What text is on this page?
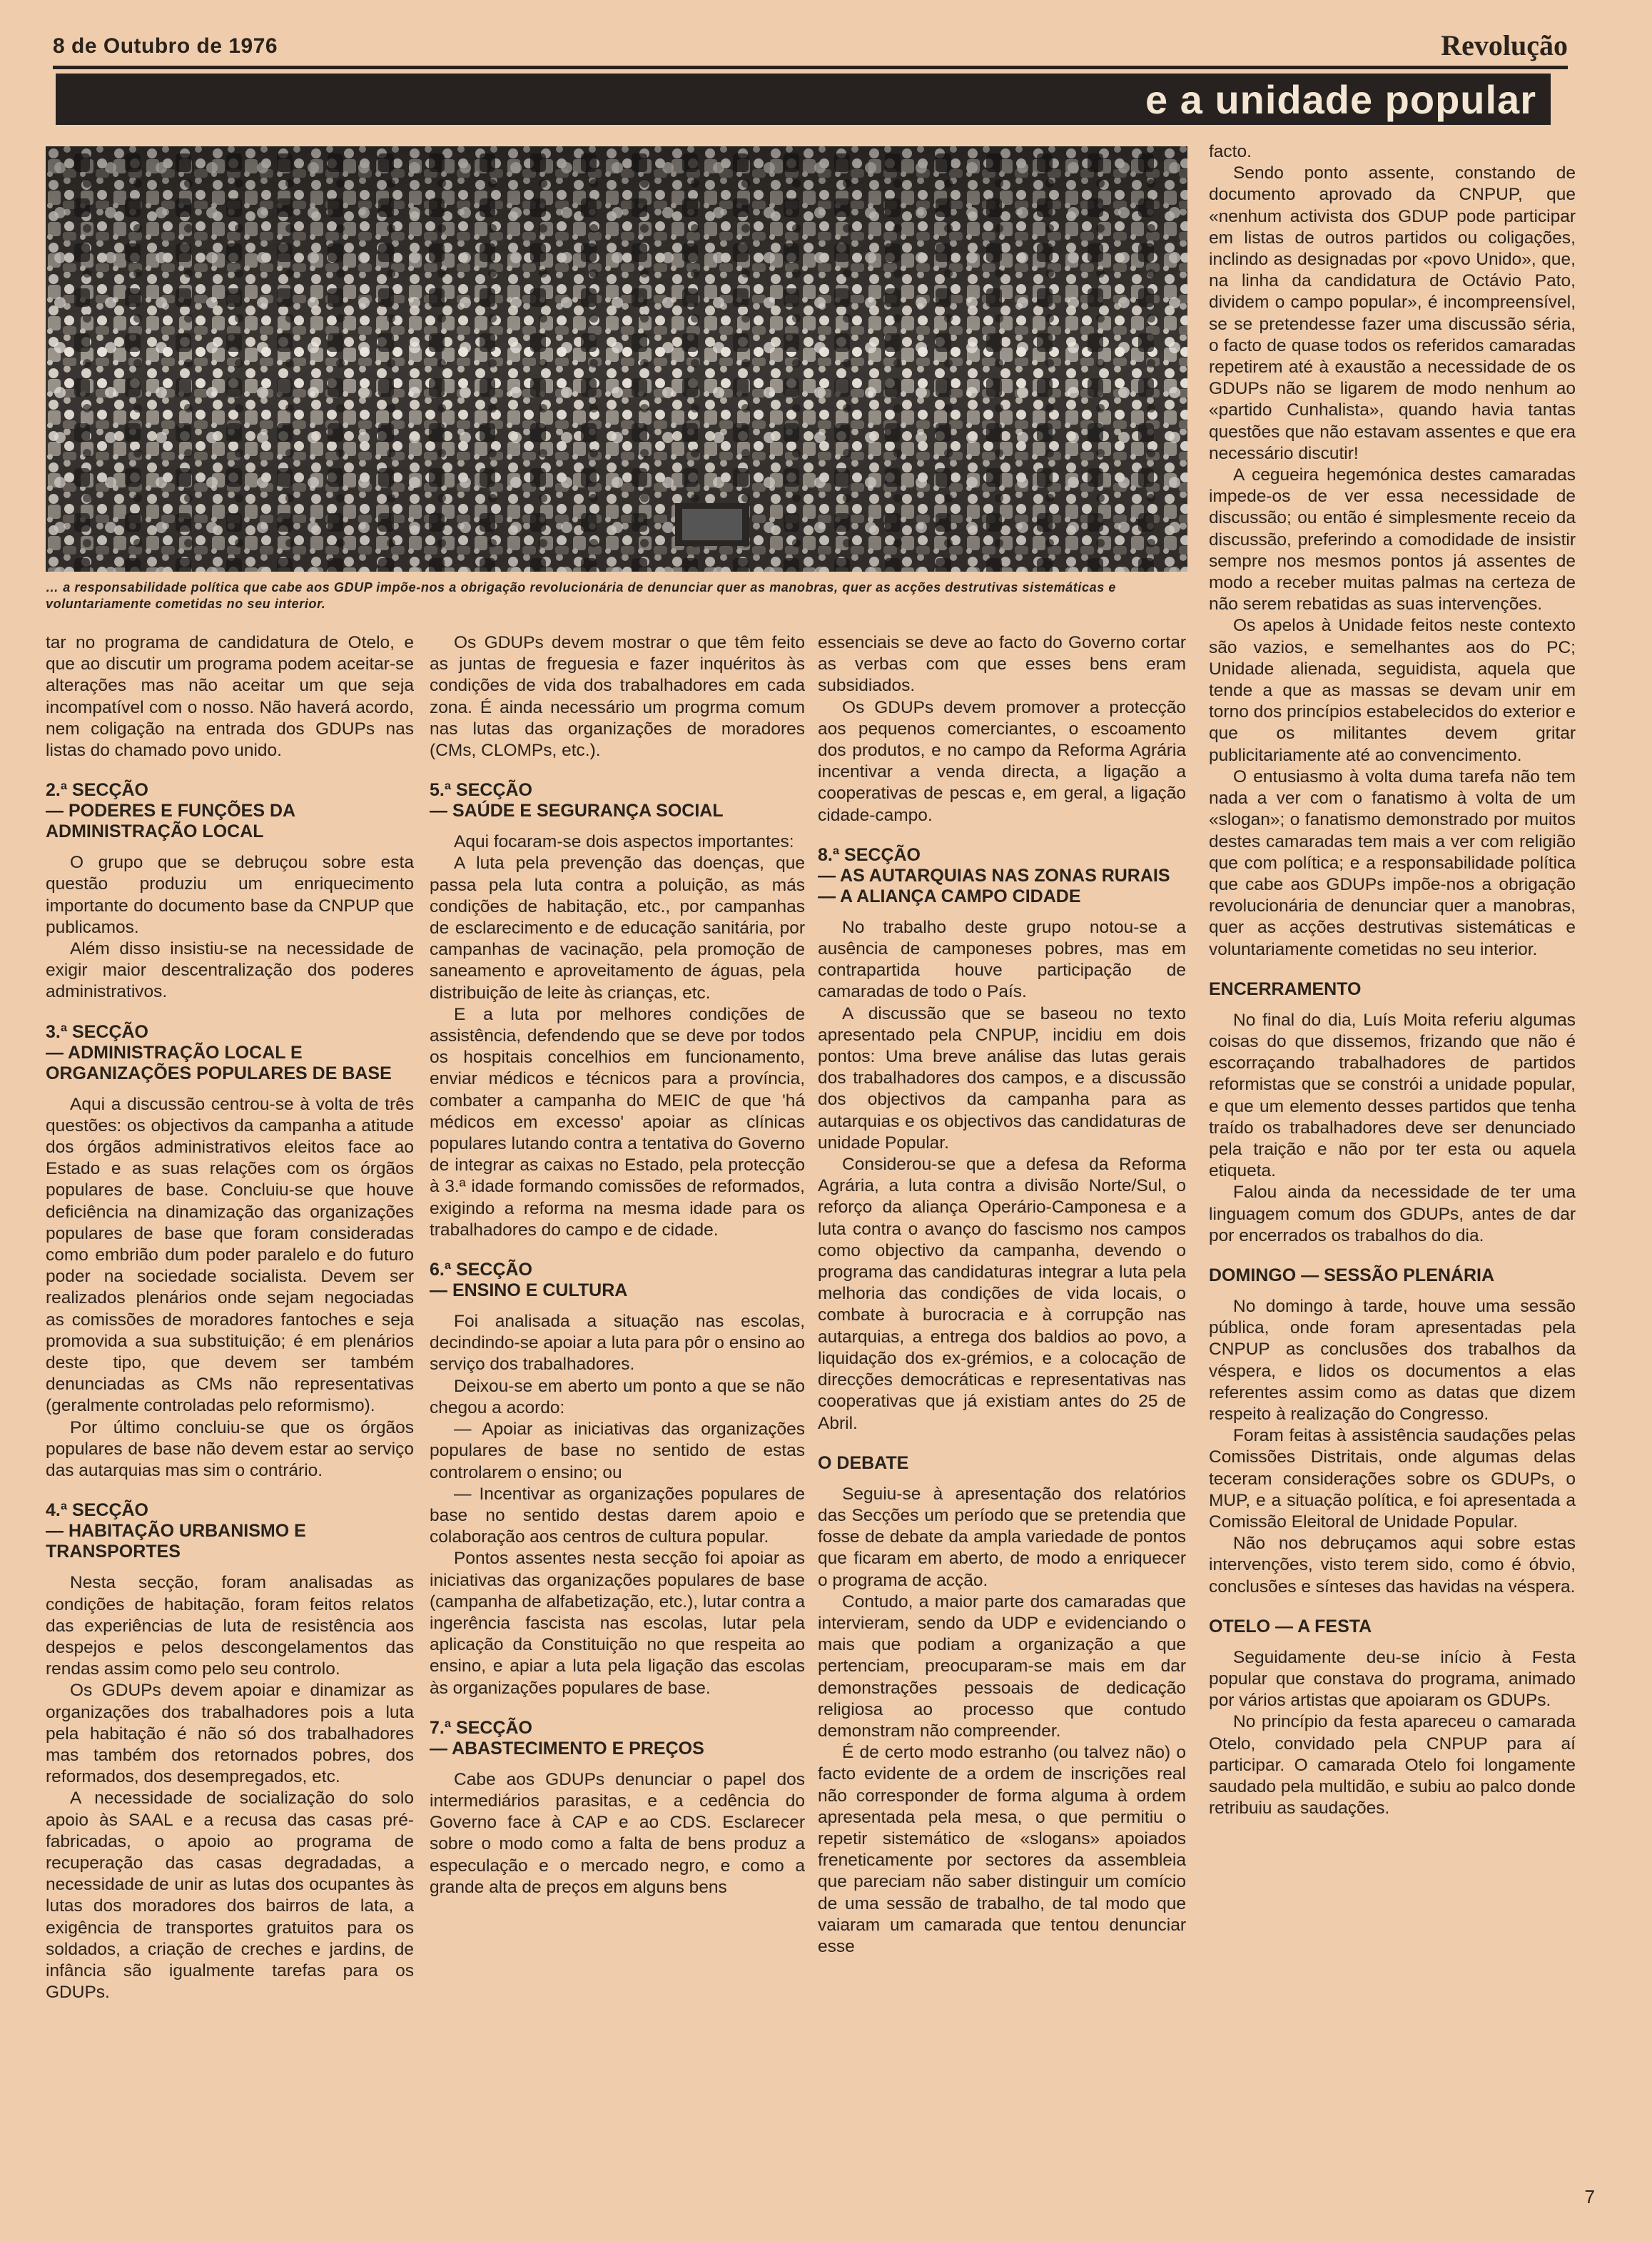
8 de Outubro de 1976	Revolução
e a unidade popular
… a responsabilidade política que cabe aos GDUP impõe-nos a obrigação revolucionária de denunciar quer as manobras, quer as acções destrutivas sistemáticas e voluntariamente cometidas no seu interior.

tar no programa de candidatura de Otelo, e que ao discutir um programa podem aceitar-se alterações mas não aceitar um que seja incompatível com o nosso. Não haverá acordo, nem coligação na entrada dos GDUPs nas listas do chamado povo unido.

2.ª SECÇÃO
— PODERES E FUNÇÕES DA ADMINISTRAÇÃO LOCAL

O grupo que se debruçou sobre esta questão produziu um enriquecimento importante do documento base da CNPUP que publicamos.

Além disso insistiu-se na necessidade de exigir maior descentralização dos poderes administrativos.

3.ª SECÇÃO
— ADMINISTRAÇÃO LOCAL E ORGANIZAÇÕES POPULARES DE BASE

Aqui a discussão centrou-se à volta de três questões: os objectivos da campanha a atitude dos órgãos administrativos eleitos face ao Estado e as suas relações com os órgãos populares de base. Concluiu-se que houve deficiência na dinamização das organizações populares de base que foram consideradas como embrião dum poder paralelo e do futuro poder na sociedade socialista. Devem ser realizados plenários onde sejam negociadas as comissões de moradores fantoches e seja promovida a sua substituição; é em plenários deste tipo, que devem ser também denunciadas as CMs não representativas (geralmente controladas pelo reformismo).

Por último concluiu-se que os órgãos populares de base não devem estar ao serviço das autarquias mas sim o contrário.

4.ª SECÇÃO
— HABITAÇÃO URBANISMO E TRANSPORTES

Nesta secção, foram analisadas as condições de habitação, foram feitos relatos das experiências de luta de resistência aos despejos e pelos descongelamentos das rendas assim como pelo seu controlo.

Os GDUPs devem apoiar e dinamizar as organizações dos trabalhadores pois a luta pela habitação é não só dos trabalhadores mas também dos retornados pobres, dos reformados, dos desempregados, etc.

A necessidade de socialização do solo apoio às SAAL e a recusa das casas pré-fabricadas, o apoio ao programa de recuperação das casas degradadas, a necessidade de unir as lutas dos ocupantes às lutas dos moradores dos bairros de lata, a exigência de transportes gratuitos para os soldados, a criação de creches e jardins, de infância são igualmente tarefas para os GDUPs.

Os GDUPs devem mostrar o que têm feito as juntas de freguesia e fazer inquéritos às condições de vida dos trabalhadores em cada zona. É ainda necessário um progrma comum nas lutas das organizações de moradores (CMs, CLOMPs, etc.).

5.ª SECÇÃO
— SAÚDE E SEGURANÇA SOCIAL

Aqui focaram-se dois aspectos importantes:

A luta pela prevenção das doenças, que passa pela luta contra a poluição, as más condições de habitação, etc., por campanhas de esclarecimento e de educação sanitária, por campanhas de vacinação, pela promoção de saneamento e aproveitamento de águas, pela distribuição de leite às crianças, etc.

E a luta por melhores condições de assistência, defendendo que se deve por todos os hospitais concelhios em funcionamento, enviar médicos e técnicos para a província, combater a campanha do MEIC de que 'há médicos em excesso' apoiar as clínicas populares lutando contra a tentativa do Governo de integrar as caixas no Estado, pela protecção à 3.ª idade formando comissões de reformados, exigindo a reforma na mesma idade para os trabalhadores do campo e de cidade.

6.ª SECÇÃO
— ENSINO E CULTURA

Foi analisada a situação nas escolas, decindindo-se apoiar a luta para pôr o ensino ao serviço dos trabalhadores.

Deixou-se em aberto um ponto a que se não chegou a acordo:

— Apoiar as iniciativas das organizações populares de base no sentido de estas controlarem o ensino; ou

— Incentivar as organizações populares de base no sentido destas darem apoio e colaboração aos centros de cultura popular.

Pontos assentes nesta secção foi apoiar as iniciativas das organizações populares de base (campanha de alfabetização, etc.), lutar contra a ingerência fascista nas escolas, lutar pela aplicação da Constituição no que respeita ao ensino, e apiar a luta pela ligação das escolas às organizações populares de base.

7.ª SECÇÃO
— ABASTECIMENTO E PREÇOS

Cabe aos GDUPs denunciar o papel dos intermediários parasitas, e a cedência do Governo face à CAP e ao CDS. Esclarecer sobre o modo como a falta de bens produz a especulação e o mercado negro, e como a grande alta de preços em alguns bens

essenciais se deve ao facto do Governo cortar as verbas com que esses bens eram subsidiados.

Os GDUPs devem promover a protecção aos pequenos comerciantes, o escoamento dos produtos, e no campo da Reforma Agrária incentivar a venda directa, a ligação a cooperativas de pescas e, em geral, a ligação cidade-campo.

8.ª SECÇÃO
— AS AUTARQUIAS NAS ZONAS RURAIS
— A ALIANÇA CAMPO CIDADE

No trabalho deste grupo notou-se a ausência de camponeses pobres, mas em contrapartida houve participação de camaradas de todo o País.

A discussão que se baseou no texto apresentado pela CNPUP, incidiu em dois pontos: Uma breve análise das lutas gerais dos trabalhadores dos campos, e a discussão dos objectivos da campanha para as autarquias e os objectivos das candidaturas de unidade Popular.

Considerou-se que a defesa da Reforma Agrária, a luta contra a divisão Norte/Sul, o reforço da aliança Operário-Camponesa e a luta contra o avanço do fascismo nos campos como objectivo da campanha, devendo o programa das candidaturas integrar a luta pela melhoria das condições de vida locais, o combate à burocracia e à corrupção nas autarquias, a entrega dos baldios ao povo, a liquidação dos ex-grémios, e a colocação de direcções democráticas e representativas nas cooperativas que já existiam antes do 25 de Abril.

O DEBATE

Seguiu-se à apresentação dos relatórios das Secções um período que se pretendia que fosse de debate da ampla variedade de pontos que ficaram em aberto, de modo a enriquecer o programa de acção.

Contudo, a maior parte dos camaradas que intervieram, sendo da UDP e evidenciando o mais que podiam a organização a que pertenciam, preocuparam-se mais em dar demonstrações pessoais de dedicação religiosa ao processo que contudo demonstram não compreender.

É de certo modo estranho (ou talvez não) o facto evidente de a ordem de inscrições real não corresponder de forma alguma à ordem apresentada pela mesa, o que permitiu o repetir sistemático de «slogans» apoiados freneticamente por sectores da assembleia que pareciam não saber distinguir um comício de uma sessão de trabalho, de tal modo que vaiaram um camarada que tentou denunciar esse

facto.

Sendo ponto assente, constando de documento aprovado da CNPUP, que «nenhum activista dos GDUP pode participar em listas de outros partidos ou coligações, inclindo as designadas por «povo Unido», que, na linha da candidatura de Octávio Pato, dividem o campo popular», é incompreensível, se se pretendesse fazer uma discussão séria, o facto de quase todos os referidos camaradas repetirem até à exaustão a necessidade de os GDUPs não se ligarem de modo nenhum ao «partido Cunhalista», quando havia tantas questões que não estavam assentes e que era necessário discutir!

A cegueira hegemónica destes camaradas impede-os de ver essa necessidade de discussão; ou então é simplesmente receio da discussão, preferindo a comodidade de insistir sempre nos mesmos pontos já assentes de modo a receber muitas palmas na certeza de não serem rebatidas as suas intervenções.

Os apelos à Unidade feitos neste contexto são vazios, e semelhantes aos do PC; Unidade alienada, seguidista, aquela que tende a que as massas se devam unir em torno dos princípios estabelecidos do exterior e que os militantes devem gritar publicitariamente até ao convencimento.

O entusiasmo à volta duma tarefa não tem nada a ver com o fanatismo à volta de um «slogan»; o fanatismo demonstrado por muitos destes camaradas tem mais a ver com religião que com política; e a responsabilidade política que cabe aos GDUPs impõe-nos a obrigação revolucionária de denunciar quer a manobras, quer as acções destrutivas sistemáticas e voluntariamente cometidas no seu interior.

ENCERRAMENTO

No final do dia, Luís Moita referiu algumas coisas do que dissemos, frizando que não é escorraçando trabalhadores de partidos reformistas que se constrói a unidade popular, e que um elemento desses partidos que tenha traído os trabalhadores deve ser denunciado pela traição e não por ter esta ou aquela etiqueta.

Falou ainda da necessidade de ter uma linguagem comum dos GDUPs, antes de dar por encerrados os trabalhos do dia.

DOMINGO — SESSÃO PLENÁRIA

No domingo à tarde, houve uma sessão pública, onde foram apresentadas pela CNPUP as conclusões dos trabalhos da véspera, e lidos os documentos a elas referentes assim como as datas que dizem respeito à realização do Congresso.

Foram feitas à assistência saudações pelas Comissões Distritais, onde algumas delas teceram considerações sobre os GDUPs, o MUP, e a situação política, e foi apresentada a Comissão Eleitoral de Unidade Popular.

Não nos debruçamos aqui sobre estas intervenções, visto terem sido, como é óbvio, conclusões e sínteses das havidas na véspera.

OTELO — A FESTA

Seguidamente deu-se início à Festa popular que constava do programa, animado por vários artistas que apoiaram os GDUPs.

No princípio da festa apareceu o camarada Otelo, convidado pela CNPUP para aí participar. O camarada Otelo foi longamente saudado pela multidão, e subiu ao palco donde retribuiu as saudações.

7
